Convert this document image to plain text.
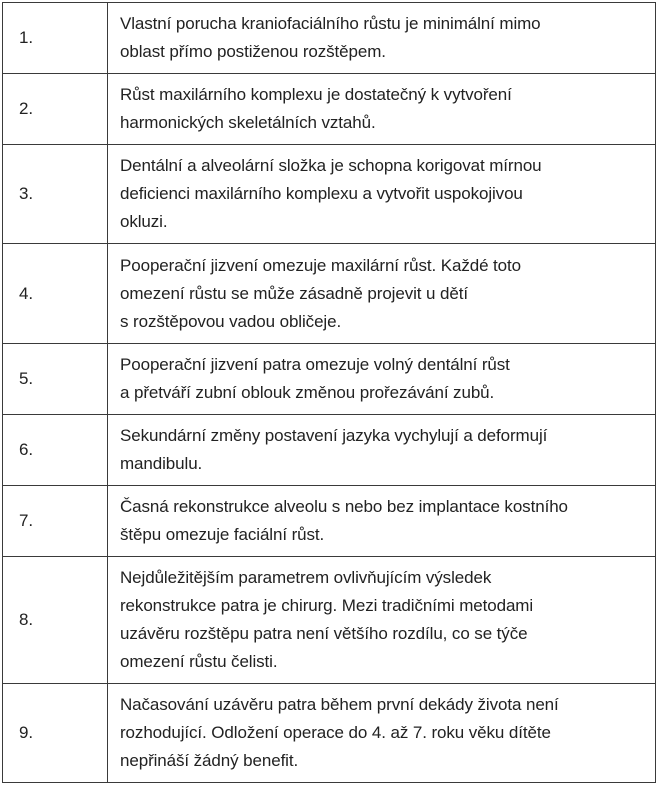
1.	Vlastní porucha kraniofaciálního růstu je minimální mimo
oblast přímo postiženou rozštěpem.
2.	Růst maxilárního komplexu je dostatečný k vytvoření
harmonických skeletálních vztahů.
3.	Dentální a alveolární složka je schopna korigovat mírnou
deficienci maxilárního komplexu a vytvořit uspokojivou
okluzi.
4.	Pooperační jizvení omezuje maxilární růst. Každé toto
omezení růstu se může zásadně projevit u dětí
s rozštěpovou vadou obličeje.
5.	Pooperační jizvení patra omezuje volný dentální růst
a přetváří zubní oblouk změnou prořezávání zubů.
6.	Sekundární změny postavení jazyka vychylují a deformují
mandibulu.
7.	Časná rekonstrukce alveolu s nebo bez implantace kostního
štěpu omezuje faciální růst.
8.	Nejdůležitějším parametrem ovlivňujícím výsledek
rekonstrukce patra je chirurg. Mezi tradičními metodami
uzávěru rozštěpu patra není většího rozdílu, co se týče
omezení růstu čelisti.
9.	Načasování uzávěru patra během první dekády života není
rozhodující. Odložení operace do 4. až 7. roku věku dítěte
nepřináší žádný benefit.
